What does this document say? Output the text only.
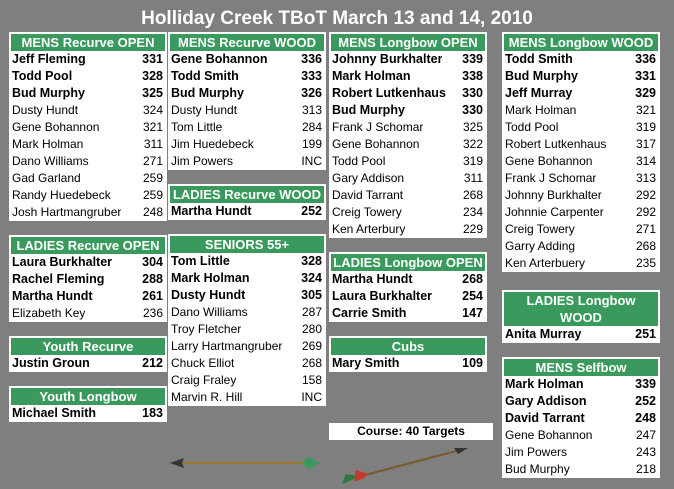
Holliday Creek TBoT March 13 and 14, 2010
MENS Recurve OPEN
Jeff Fleming	331
Todd Pool	328
Bud Murphy	325
Dusty Hundt	324
Gene Bohannon	321
Mark Holman	311
Dano Williams	271
Gad Garland	259
Randy Huedebeck	259
Josh Hartmangruber 248
LADIES Recurve OPEN
Laura Burkhalter 304
Rachel Fleming	288
Martha Hundt	261
Elizabeth Key	236
Youth Recurve
Justin Groun	212
Youth Longbow
Michael Smith	183
MENS Recurve WOOD
Gene Bohannon	336
Todd Smith	333
Bud Murphy	326
Dusty Hundt	313
Tom Little	284
Jim Huedebeck	199
Jim Powers	INC
LADIES Recurve WOOD
Martha Hundt	252
SENIORS 55+
Tom Little	328
Mark Holman	324
Dusty Hundt	305
Dano Williams	287
Troy Fletcher	280
Larry Hartmangruber 269
Chuck Elliot	268
Craig Fraley	158
Marvin R. Hill	INC
MENS Longbow OPEN
Johnny Burkhalter 339
Mark Holman	338
Robert Lutkenhaus 330
Bud Murphy	330
Frank J Schomar	325
Gene Bohannon	322
Todd Pool	319
Gary Addison	311
David Tarrant	268
Creig Towery	234
Ken Arterbury	229
LADIES Longbow OPEN
Martha Hundt	268
Laura Burkhalter 254
Carrie Smith	147
Cubs
Mary Smith	109
MENS Longbow WOOD
Todd Smith	336
Bud Murphy	331
Jeff Murray	329
Mark Holman	321
Todd Pool	319
Robert Lutkenhaus 317
Gene Bohannon	314
Frank J Schomar	313
Johnny Burkhalter	292
Johnnie Carpenter	292
Creig Towery	271
Garry Adding	268
Ken Arterbuery	235
LADIES Longbow WOOD
Anita Murray	251
MENS Selfbow
Mark Holman	339
Gary Addison	252
David Tarrant	248
Gene Bohannon	247
Jim Powers	243
Bud Murphy	218
Course: 40 Targets
